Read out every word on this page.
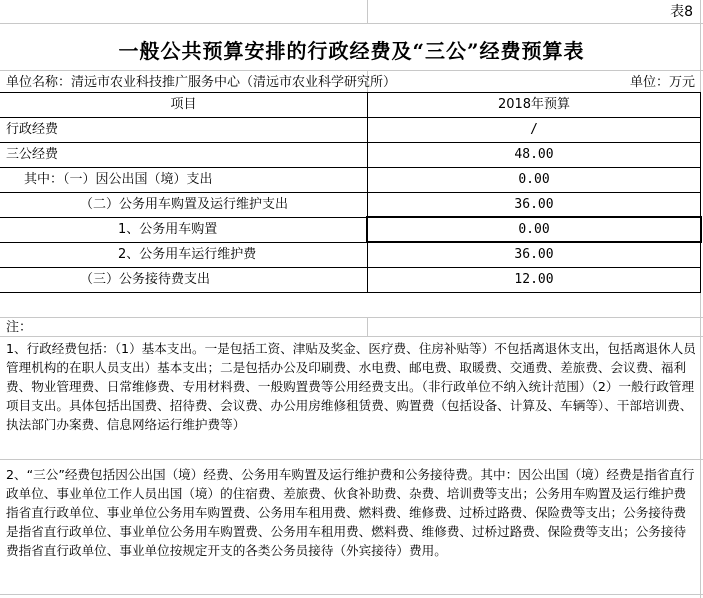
表8
一般公共预算安排的行政经费及“三公”经费预算表
单位名称：清远市农业科技推广服务中心（清远市农业科学研究所）	单位：万元
项目	2018年预算
行政经费	/
三公经费	48.00
其中：（一）因公出国（境）支出	0.00
（二）公务用车购置及运行维护支出	36.00
1、公务用车购置	0.00
2、公务用车运行维护费	36.00
（三）公务接待费支出	12.00
注：
1、行政经费包括：（1）基本支出。一是包括工资、津贴及奖金、医疗费、住房补贴等）不包括离退休支出，包括离退休人员管理机构的在职人员支出）基本支出；二是包括办公及印刷费、水电费、邮电费、取暖费、交通费、差旅费、会议费、福利费、物业管理费、日常维修费、专用材料费、一般购置费等公用经费支出。（非行政单位不纳入统计范围）（2）一般行政管理项目支出。具体包括出国费、招待费、会议费、办公用房维修租赁费、购置费（包括设备、计算及、车辆等）、干部培训费、执法部门办案费、信息网络运行维护费等）
2、“三公”经费包括因公出国（境）经费、公务用车购置及运行维护费和公务接待费。其中：因公出国（境）经费是指省直行政单位、事业单位工作人员出国（境）的住宿费、差旅费、伙食补助费、杂费、培训费等支出；公务用车购置及运行维护费指省直行政单位、事业单位公务用车购置费、公务用车租用费、燃料费、维修费、过桥过路费、保险费等支出；公务接待费是指省直行政单位、事业单位公务用车购置费、公务用车租用费、燃料费、维修费、过桥过路费、保险费等支出；公务接待费指省直行政单位、事业单位按规定开支的各类公务员接待（外宾接待）费用。
